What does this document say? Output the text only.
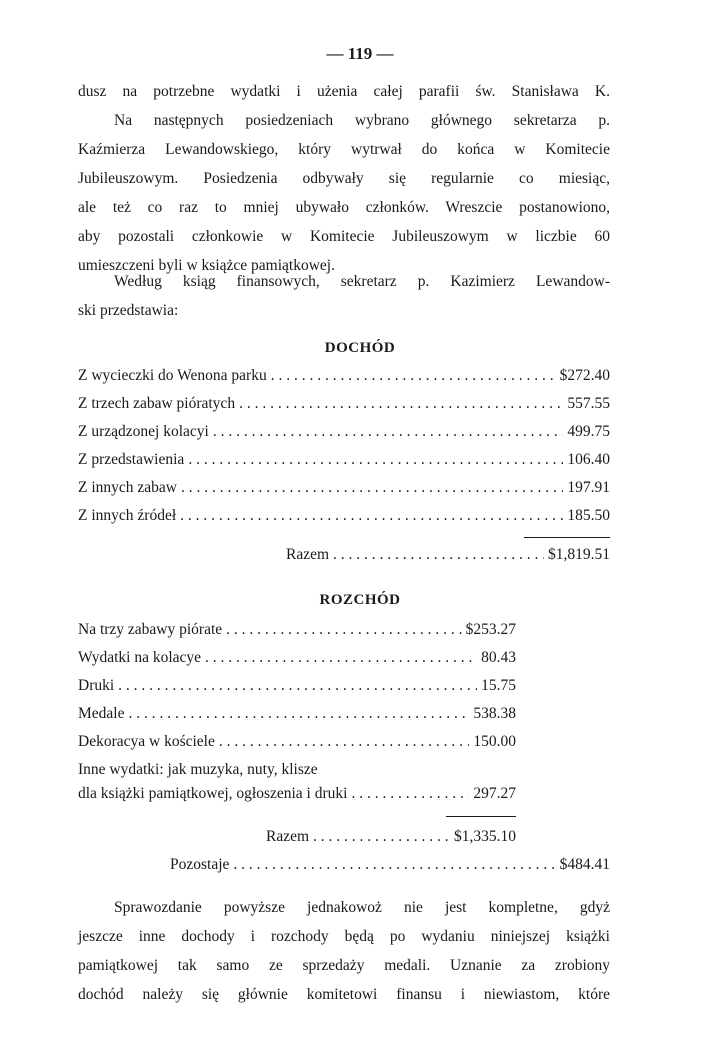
— 119 —
dusz na potrzebne wydatki i użenia całej parafii św. Stanisława K.
Na następnych posiedzeniach wybrano głównego sekretarza p.
Kaźmierza Lewandowskiego, który wytrwał do końca w Komitecie
Jubileuszowym. Posiedzenia odbywały się regularnie co miesiąc,
ale też co raz to mniej ubywało członków. Wreszcie postanowiono,
aby pozostali członkowie w Komitecie Jubileuszowym w liczbie 60
umieszczeni byli w książce pamiątkowej.
Według ksiąg finansowych, sekretarz p. Kazimierz Lewandow-
ski przedstawia:
DOCHÓD
Z wycieczki do Wenona parku . . .	$272.40
Z trzech zabaw pióratych . . .	557.55
Z urządzonej kolacyi . . .	499.75
Z przedstawienia . . .	106.40
Z innych zabaw . . .	197.91
Z innych źródeł . . .	185.50
Razem . . .	$1,819.51
ROZCHÓD
Na trzy zabawy piórate . . .	$253.27
Wydatki na kolacye . . .	80.43
Druki . . .	15.75
Medale . . .	538.38
Dekoracya w kościele . . .	150.00
Inne wydatki: jak muzyka, nuty, klisze
dla książki pamiątkowej, ogłoszenia i druki . . .	297.27
Razem . . .	$1,335.10
Pozostaje . . .	$484.41
Sprawozdanie powyższe jednakowoż nie jest kompletne, gdyż
jeszcze inne dochody i rozchody będą po wydaniu niniejszej książki
pamiątkowej tak samo ze sprzedaży medali. Uznanie za zrobiony
dochód należy się głównie komitetowi finansu i niewiastom, które
